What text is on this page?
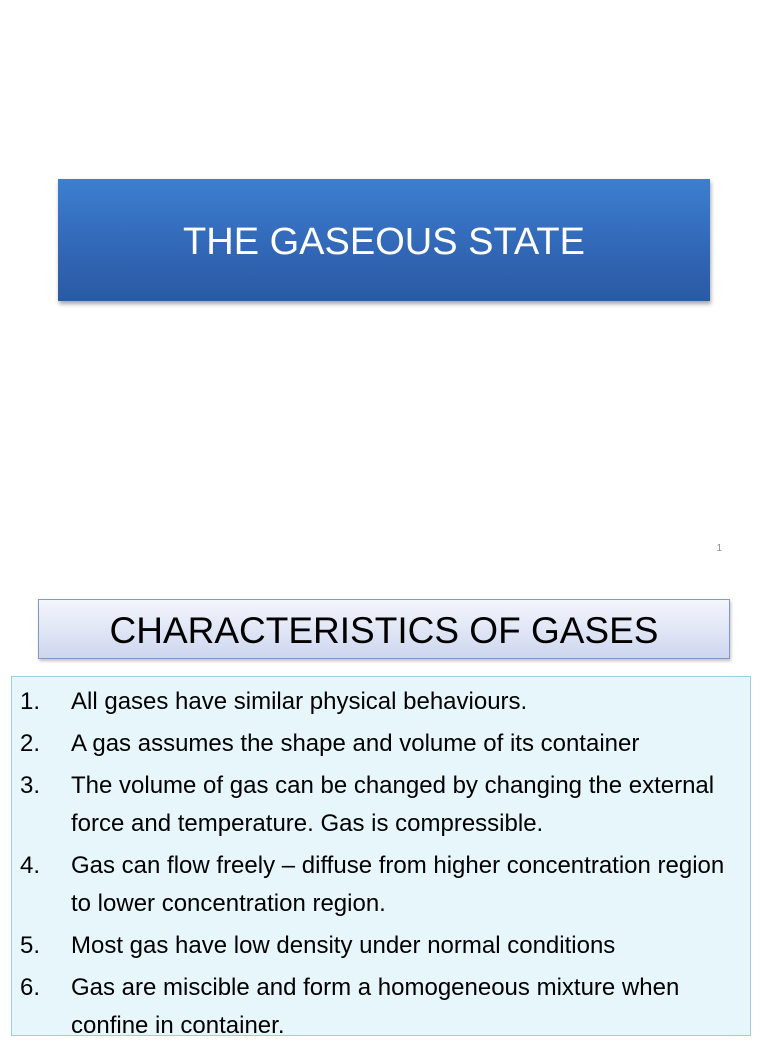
THE GASEOUS STATE
1
CHARACTERISTICS OF GASES
1.	All gases have similar physical behaviours.
2.	A gas assumes the shape and volume of its container
3.	The volume of gas can be changed by changing the external force and temperature. Gas is compressible.
4.	Gas can flow freely – diffuse from higher concentration region to lower concentration region.
5.	Most gas have low density under normal conditions
6.	Gas are miscible and form a homogeneous mixture when confine in container.
